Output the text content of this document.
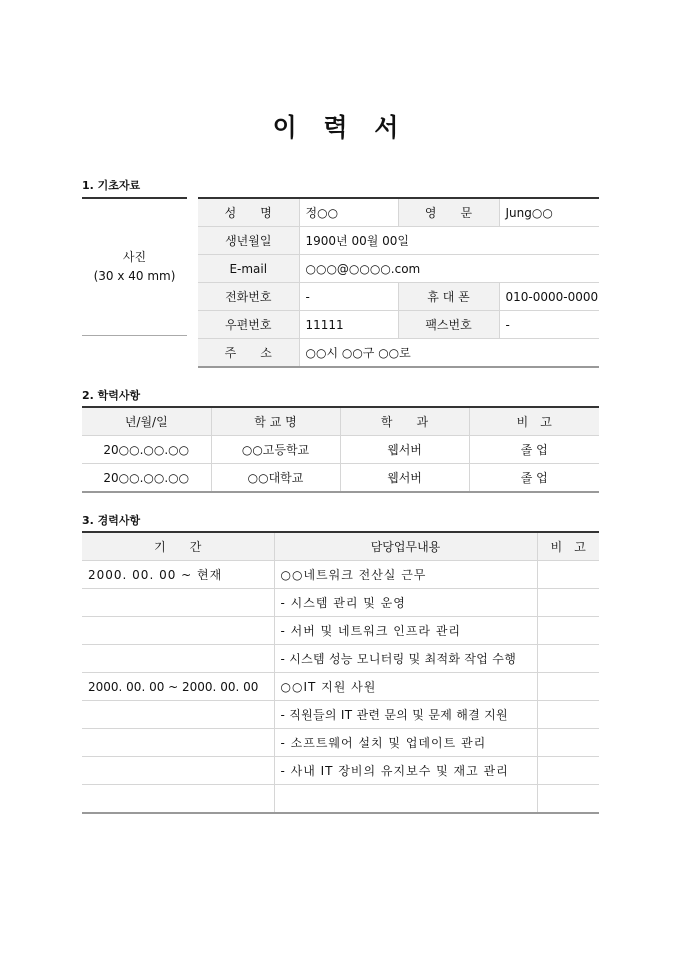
이 력 서
1. 기초자료
사진
(30 x 40 mm)
성　　명	정○○	영　　문	Jung○○
생년월일	1900년 00월 00일		
E-mail	○○○@○○○○.com		
전화번호	-	휴 대 폰	010-0000-0000
우편번호	11111	팩스번호	-
주　　소	○○시 ○○구 ○○로		
2. 학력사항
년/월/일	학 교 명	학　　과	비　고
20○○.○○.○○	○○고등학교	웹서버	졸 업
20○○.○○.○○	○○대학교	웹서버	졸 업
3. 경력사항
기　　간	담당업무내용	비　고
2000. 00. 00 ~ 현재	○○네트워크 전산실 근무	
	- 시스템 관리 및 운영	
	- 서버 및 네트워크 인프라 관리	
	- 시스템 성능 모니터링 및 최적화 작업 수행	
2000. 00. 00 ~ 2000. 00. 00	○○IT 지원 사원	
	- 직원들의 IT 관련 문의 및 문제 해결 지원	
	- 소프트웨어 설치 및 업데이트 관리	
	- 사내 IT 장비의 유지보수 및 재고 관리	
